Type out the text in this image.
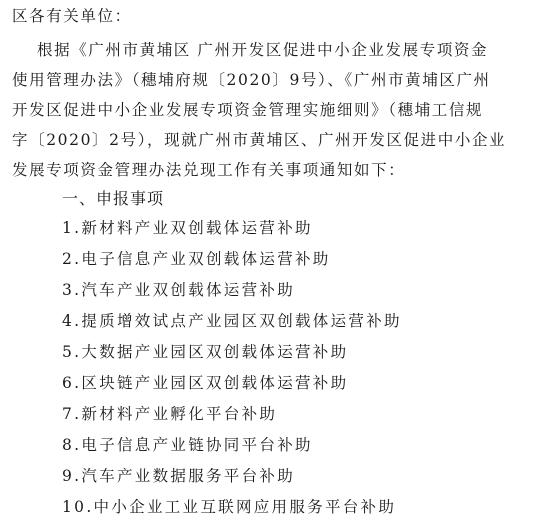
区各有关单位：
根据《广州市黄埔区 广州开发区促进中小企业发展专项资金
使用管理办法》（穗埔府规〔2020〕9号）、《广州市黄埔区广州
开发区促进中小企业发展专项资金管理实施细则》（穗埔工信规
字〔2020〕2号），现就广州市黄埔区、广州开发区促进中小企业
发展专项资金管理办法兑现工作有关事项通知如下：
一、申报事项
1.新材料产业双创载体运营补助
2.电子信息产业双创载体运营补助
3.汽车产业双创载体运营补助
4.提质增效试点产业园区双创载体运营补助
5.大数据产业园区双创载体运营补助
6.区块链产业园区双创载体运营补助
7.新材料产业孵化平台补助
8.电子信息产业链协同平台补助
9.汽车产业数据服务平台补助
10.中小企业工业互联网应用服务平台补助
